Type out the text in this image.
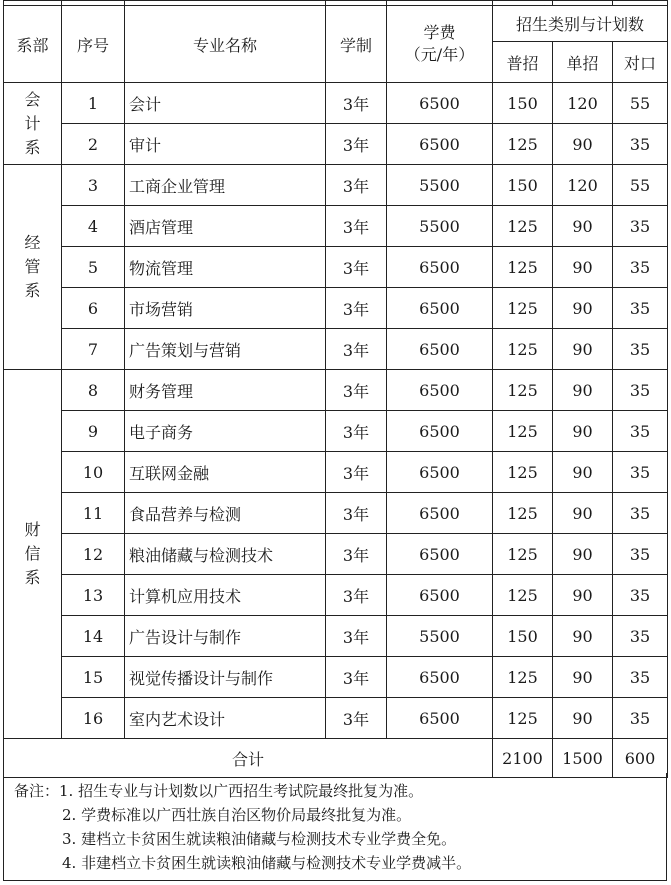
系部	序号	专业名称	学制	学费
（元/年）	招生类别与计划数		
					普招	单招	对口

会
计
系	1	会计	3年	6500	150	120	55
	2	审计	3年	6500	125	90	35

经
管
系	3	工商企业管理	3年	5500	150	120	55
	4	酒店管理	3年	5500	125	90	35
	5	物流管理	3年	6500	125	90	35
	6	市场营销	3年	6500	125	90	35
	7	广告策划与营销	3年	6500	125	90	35

财
信
系	8	财务管理	3年	6500	125	90	35
	9	电子商务	3年	6500	125	90	35
	10	互联网金融	3年	6500	125	90	35
	11	食品营养与检测	3年	6500	125	90	35
	12	粮油储藏与检测技术	3年	6500	125	90	35
	13	计算机应用技术	3年	6500	125	90	35
	14	广告设计与制作	3年	5500	150	90	35
	15	视觉传播设计与制作	3年	6500	125	90	35
	16	室内艺术设计	3年	6500	125	90	35
合计					2100	1500	600
备注：1. 招生专业与计划数以广西招生考试院最终批复为准。
2. 学费标准以广西壮族自治区物价局最终批复为准。
3. 建档立卡贫困生就读粮油储藏与检测技术专业学费全免。
4. 非建档立卡贫困生就读粮油储藏与检测技术专业学费减半。
